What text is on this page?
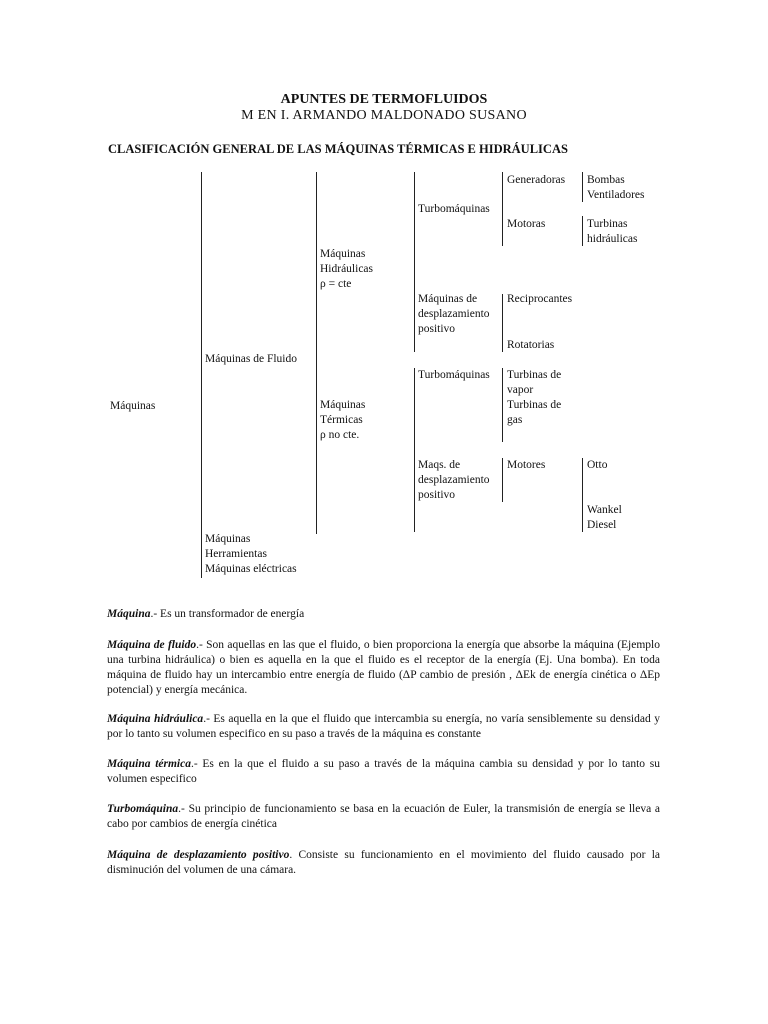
APUNTES DE TERMOFLUIDOS
M EN I. ARMANDO MALDONADO SUSANO
CLASIFICACIÓN GENERAL DE LAS MÁQUINAS TÉRMICAS E HIDRÁULICAS
Máquinas
Máquinas de Fluido
Máquinas
Herramientas
Máquinas eléctricas
Máquinas
Hidráulicas
ρ = cte
Máquinas
Térmicas
ρ no cte.
Turbomáquinas
Máquinas de
desplazamiento
positivo
Turbomáquinas
Maqs. de
desplazamiento
positivo
Generadoras
Motoras
Reciprocantes
Rotatorias
Turbinas de
vapor
Turbinas de
gas
Motores
Bombas
Ventiladores
Turbinas
hidráulicas
Otto
Wankel
Diesel
Máquina.- Es un transformador de energía
Máquina de fluido.- Son aquellas en las que el fluido, o bien proporciona la energía que absorbe la máquina (Ejemplo una turbina hidráulica) o bien es aquella en la que el fluido es el receptor de la energía (Ej. Una bomba). En toda máquina de fluido hay un intercambio entre energía de fluido (ΔP cambio de presión , ΔEk de energía cinética o ΔEp potencial) y energía mecánica.
Máquina hidráulica.- Es aquella en la que el fluido que intercambia su energía, no varía sensiblemente su densidad y por lo tanto su volumen especifico en su paso a través de la máquina es constante
Máquina térmica.- Es en la que el fluido a su paso a través de la máquina cambia su densidad y por lo tanto su volumen especifico
Turbomáquina.- Su principio de funcionamiento se basa en la ecuación de Euler, la transmisión de energía se lleva a cabo por cambios de energía cinética
Máquina de desplazamiento positivo. Consiste su funcionamiento en el movimiento del fluido causado por la disminución del volumen de una cámara.
